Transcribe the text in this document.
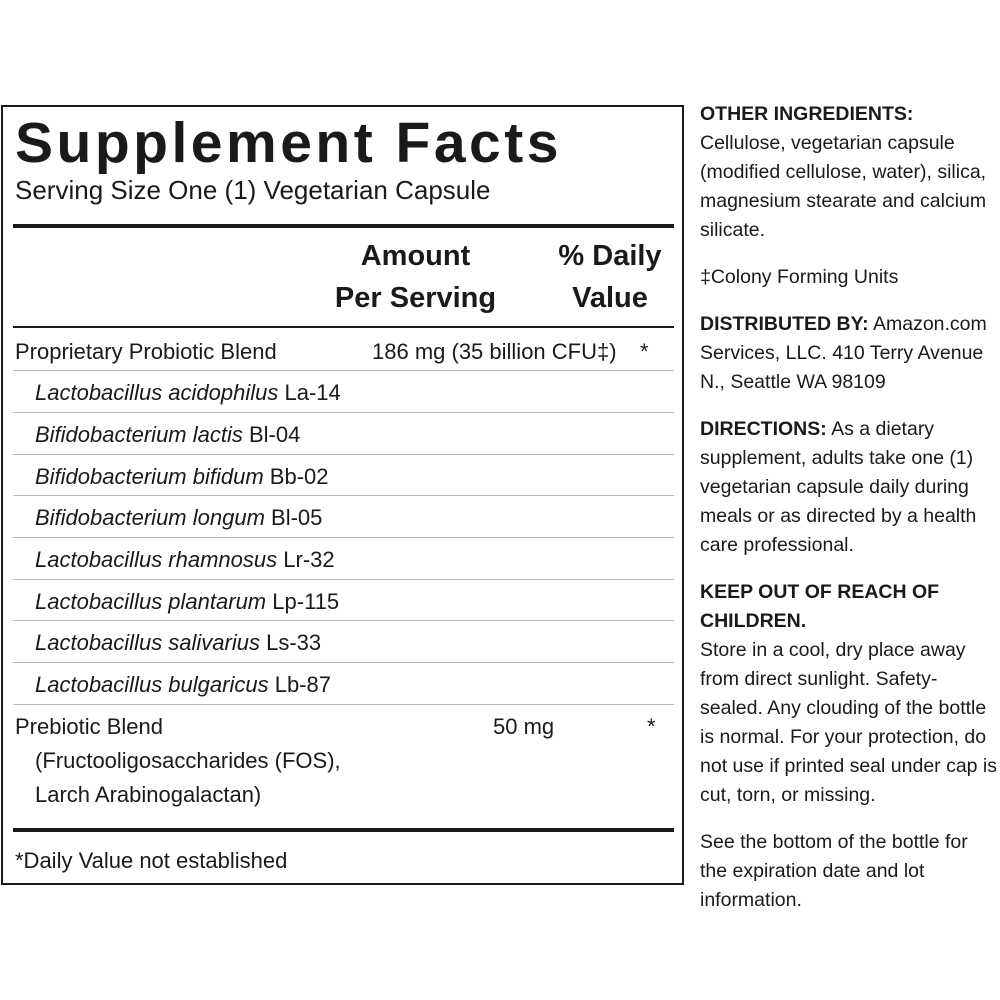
Supplement Facts
Serving Size One (1) Vegetarian Capsule
Amount
Per Serving
% Daily
Value
Proprietary Probiotic Blend	186 mg (35 billion CFU‡) *
Lactobacillus acidophilus La-14
Bifidobacterium lactis Bl-04
Bifidobacterium bifidum Bb-02
Bifidobacterium longum Bl-05
Lactobacillus rhamnosus Lr-32
Lactobacillus plantarum Lp-115
Lactobacillus salivarius Ls-33
Lactobacillus bulgaricus Lb-87
Prebiotic Blend
(Fructooligosaccharides (FOS),
Larch Arabinogalactan)
50 mg	*
*Daily Value not established

OTHER INGREDIENTS: Cellulose, vegetarian capsule (modified cellulose, water), silica, magnesium stearate and calcium silicate.

‡Colony Forming Units

DISTRIBUTED BY: Amazon.com Services, LLC. 410 Terry Avenue N., Seattle WA 98109

DIRECTIONS: As a dietary supplement, adults take one (1) vegetarian capsule daily during meals or as directed by a health care professional.

KEEP OUT OF REACH OF CHILDREN.

Store in a cool, dry place away from direct sunlight. Safety-sealed. Any clouding of the bottle is normal. For your protection, do not use if printed seal under cap is cut, torn, or missing.

See the bottom of the bottle for the expiration date and lot information.
